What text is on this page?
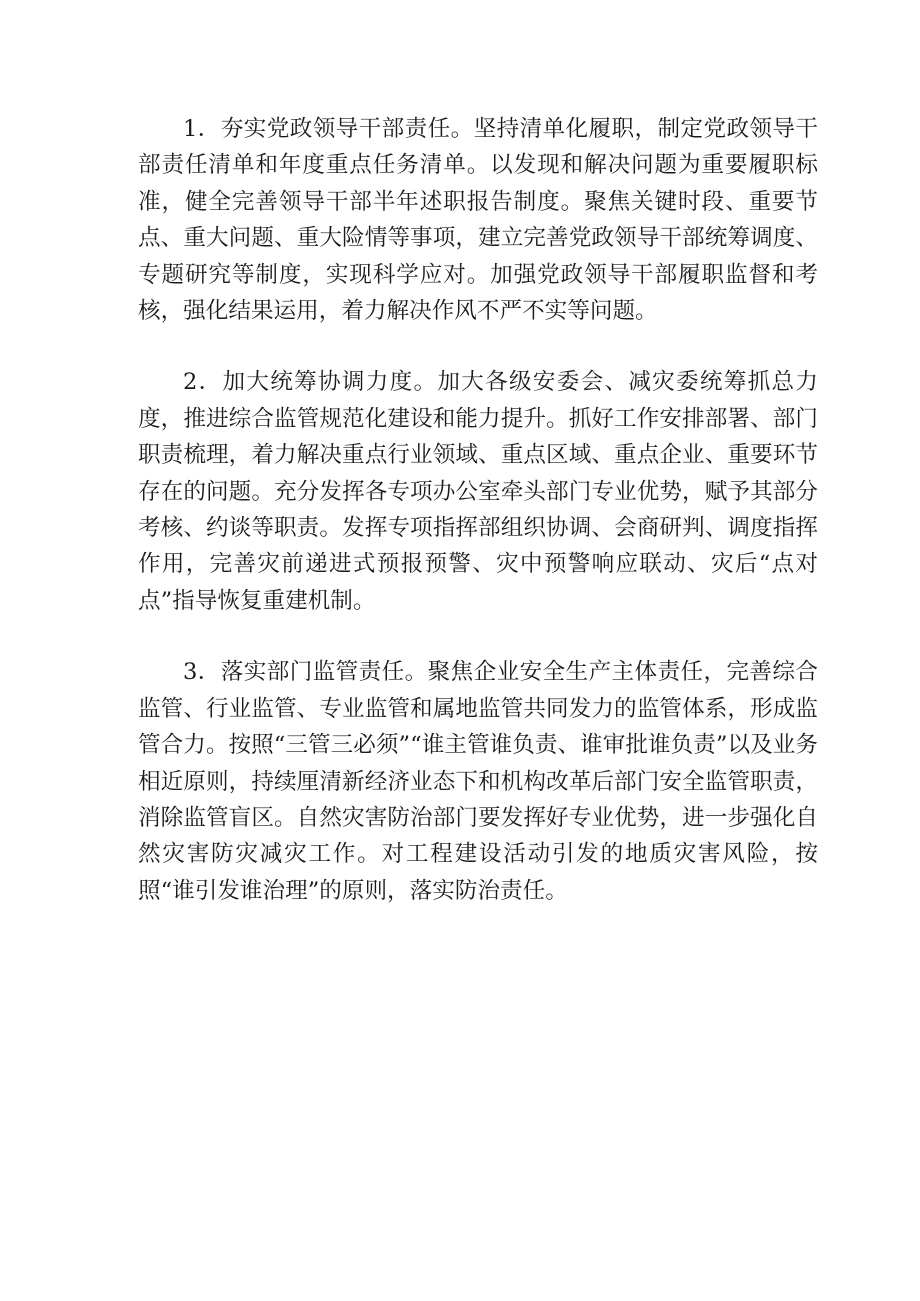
1．夯实党政领导干部责任。坚持清单化履职，制定党政领导干部责任清单和年度重点任务清单。以发现和解决问题为重要履职标准，健全完善领导干部半年述职报告制度。聚焦关键时段、重要节点、重大问题、重大险情等事项，建立完善党政领导干部统筹调度、专题研究等制度，实现科学应对。加强党政领导干部履职监督和考核，强化结果运用，着力解决作风不严不实等问题。

2．加大统筹协调力度。加大各级安委会、减灾委统筹抓总力度，推进综合监管规范化建设和能力提升。抓好工作安排部署、部门职责梳理，着力解决重点行业领域、重点区域、重点企业、重要环节存在的问题。充分发挥各专项办公室牵头部门专业优势，赋予其部分考核、约谈等职责。发挥专项指挥部组织协调、会商研判、调度指挥作用，完善灾前递进式预报预警、灾中预警响应联动、灾后“点对点”指导恢复重建机制。

3．落实部门监管责任。聚焦企业安全生产主体责任，完善综合监管、行业监管、专业监管和属地监管共同发力的监管体系，形成监管合力。按照“三管三必须”“谁主管谁负责、谁审批谁负责”以及业务相近原则，持续厘清新经济业态下和机构改革后部门安全监管职责，消除监管盲区。自然灾害防治部门要发挥好专业优势，进一步强化自然灾害防灾减灾工作。对工程建设活动引发的地质灾害风险，按照“谁引发谁治理”的原则，落实防治责任。
